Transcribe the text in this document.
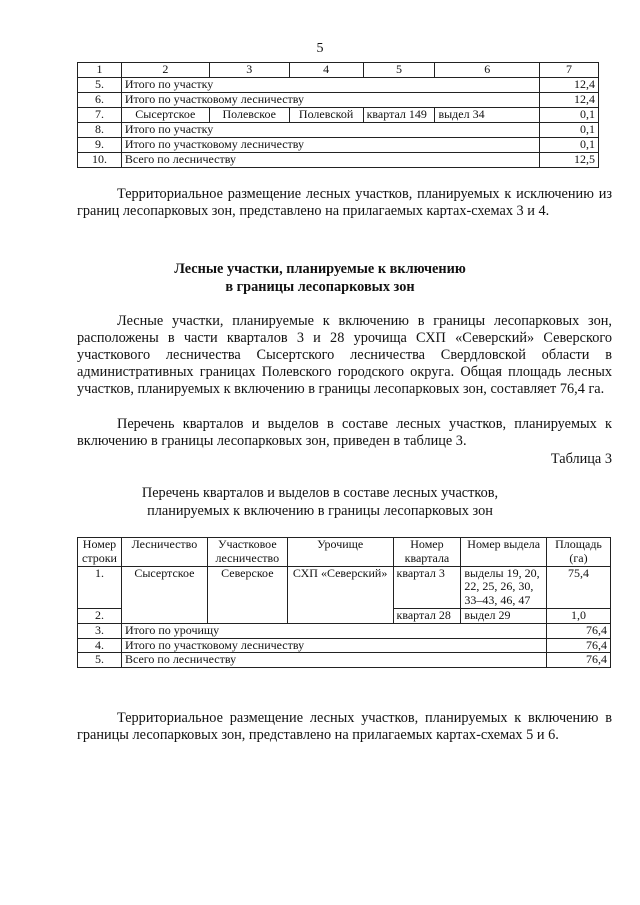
5
1	2	3	4	5	6	7
5.	Итого по участку					12,4
6.	Итого по участковому лесничеству					12,4
7.	Сысертское	Полевское	Полевской	квартал 149	выдел 34	0,1
8.	Итого по участку					0,1
9.	Итого по участковому лесничеству					0,1
10.	Всего по лесничеству					12,5

Территориальное размещение лесных участков, планируемых к исключению из границ лесопарковых зон, представлено на прилагаемых картах-схемах 3 и 4.

Лесные участки, планируемые к включению

в границы лесопарковых зон

Лесные участки, планируемые к включению в границы лесопарковых зон, расположены в части кварталов 3 и 28 урочища СХП «Северский» Северского участкового лесничества Сысертского лесничества Свердловской области в административных границах Полевского городского округа. Общая площадь лесных участков, планируемых к включению в границы лесопарковых зон, составляет 76,4 га.

Перечень кварталов и выделов в составе лесных участков, планируемых к включению в границы лесопарковых зон, приведен в таблице 3.

Таблица 3

Перечень кварталов и выделов в составе лесных участков,

планируемых к включению в границы лесопарковых зон

Номер строки	Лесничество	Участковое лесничество	Урочище	Номер квартала	Номер выдела	Площадь (га)
1.	Сысертское	Северское	СХП «Северский»	квартал 3	выделы 19, 20, 22, 25, 26, 30, 33–43, 46, 47	75,4
2.				квартал 28	выдел 29	1,0
3.	Итого по урочищу					76,4
4.	Итого по участковому лесничеству					76,4
5.	Всего по лесничеству					76,4

Территориальное размещение лесных участков, планируемых к включению в границы лесопарковых зон, представлено на прилагаемых картах-схемах 5 и 6.
